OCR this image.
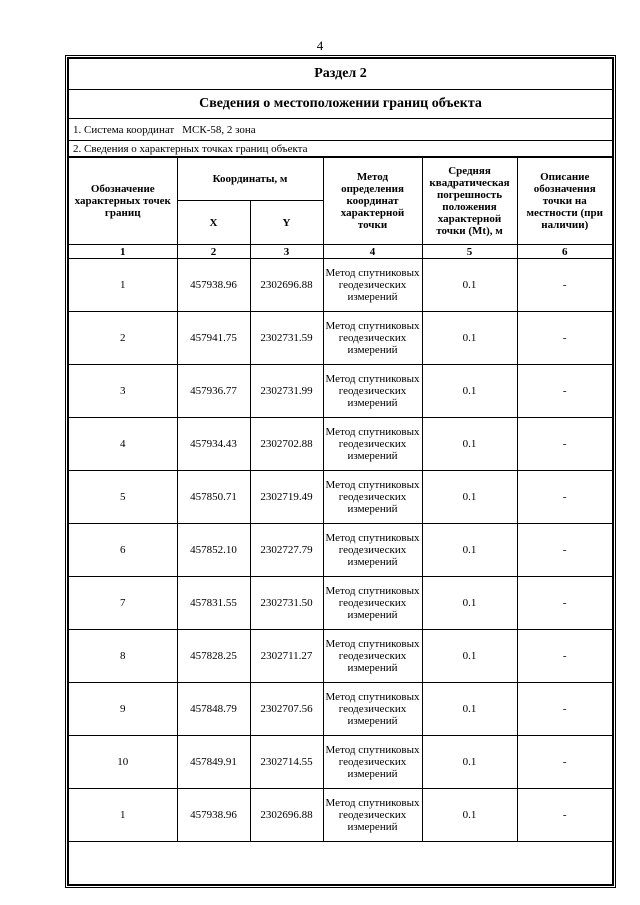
4
Раздел 2
Сведения о местоположении границ объекта
1. Система координат МСК-58, 2 зона
2. Сведения о характерных точках границ объекта
Обозначение характерных точек границ	Координаты, м		Метод определения координат характерной точки	Средняя квадратическая погрешность положения характерной точки (Mt), м	Описание обозначения точки на местности (при наличии)
	X	Y			
1	2	3	4	5	6
1	457938.96	2302696.88	Метод спутниковых геодезических измерений	0.1	-
2	457941.75	2302731.59	Метод спутниковых геодезических измерений	0.1	-
3	457936.77	2302731.99	Метод спутниковых геодезических измерений	0.1	-
4	457934.43	2302702.88	Метод спутниковых геодезических измерений	0.1	-
5	457850.71	2302719.49	Метод спутниковых геодезических измерений	0.1	-
6	457852.10	2302727.79	Метод спутниковых геодезических измерений	0.1	-
7	457831.55	2302731.50	Метод спутниковых геодезических измерений	0.1	-
8	457828.25	2302711.27	Метод спутниковых геодезических измерений	0.1	-
9	457848.79	2302707.56	Метод спутниковых геодезических измерений	0.1	-
10	457849.91	2302714.55	Метод спутниковых геодезических измерений	0.1	-
1	457938.96	2302696.88	Метод спутниковых геодезических измерений	0.1	-
